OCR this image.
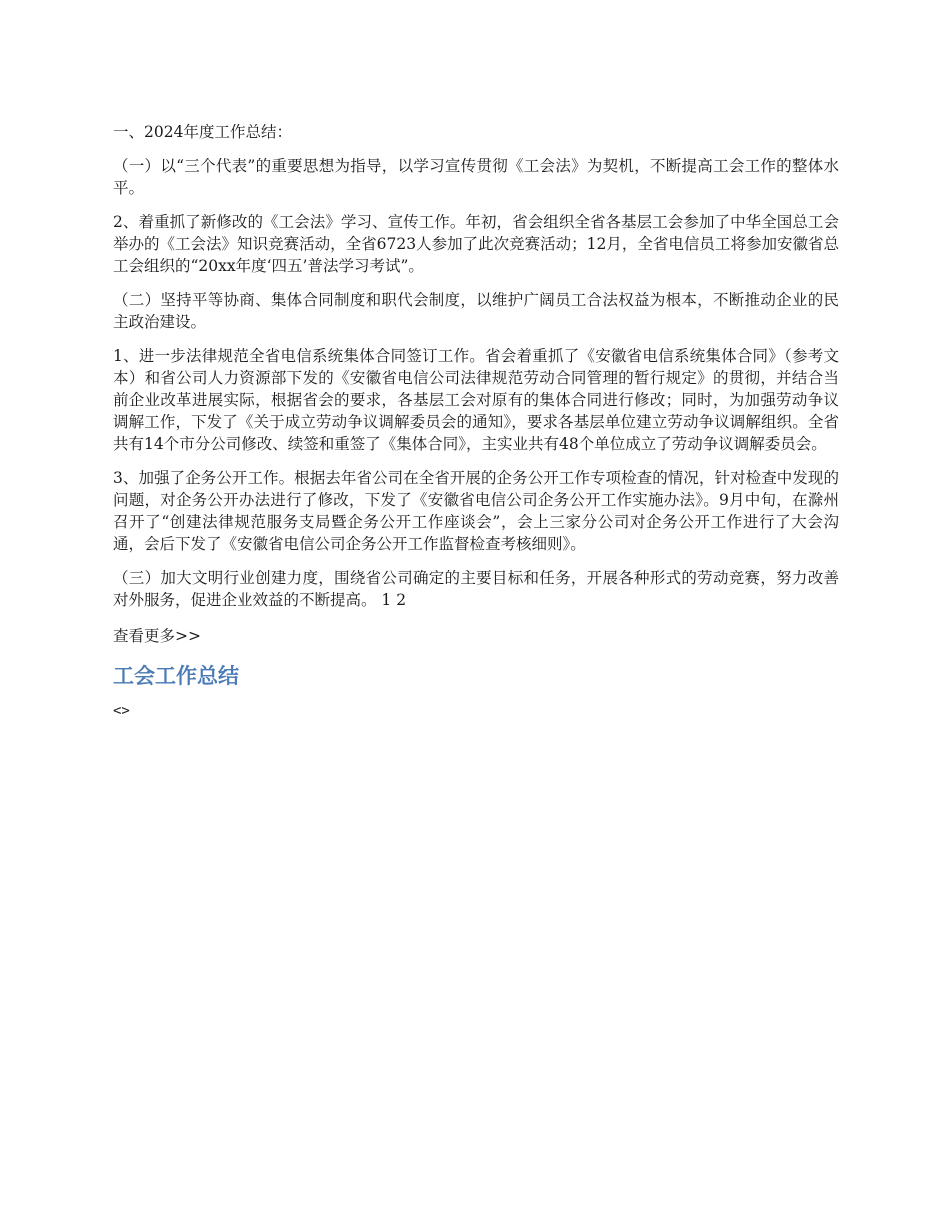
一、2024年度工作总结：

（一）以“三个代表”的重要思想为指导，以学习宣传贯彻《工会法》为契机，不断提高工会工作的整体水平。

2、着重抓了新修改的《工会法》学习、宣传工作。年初，省会组织全省各基层工会参加了中华全国总工会举办的《工会法》知识竞赛活动，全省6723人参加了此次竞赛活动；12月，全省电信员工将参加安徽省总工会组织的“20xx年度‘四五’普法学习考试”。

（二）坚持平等协商、集体合同制度和职代会制度，以维护广阔员工合法权益为根本，不断推动企业的民主政治建设。

1、进一步法律规范全省电信系统集体合同签订工作。省会着重抓了《安徽省电信系统集体合同》（参考文本）和省公司人力资源部下发的《安徽省电信公司法律规范劳动合同管理的暂行规定》的贯彻，并结合当前企业改革进展实际，根据省会的要求，各基层工会对原有的集体合同进行修改；同时，为加强劳动争议调解工作，下发了《关于成立劳动争议调解委员会的通知》，要求各基层单位建立劳动争议调解组织。全省共有14个市分公司修改、续签和重签了《集体合同》，主实业共有48个单位成立了劳动争议调解委员会。

3、加强了企务公开工作。根据去年省公司在全省开展的企务公开工作专项检查的情况，针对检查中发现的问题，对企务公开办法进行了修改，下发了《安徽省电信公司企务公开工作实施办法》。9月中旬，在滁州召开了“创建法律规范服务支局暨企务公开工作座谈会”，会上三家分公司对企务公开工作进行了大会沟通，会后下发了《安徽省电信公司企务公开工作监督检查考核细则》。

（三）加大文明行业创建力度，围绕省公司确定的主要目标和任务，开展各种形式的劳动竞赛，努力改善对外服务，促进企业效益的不断提高。 1 2

查看更多>>
工会工作总结
<>
